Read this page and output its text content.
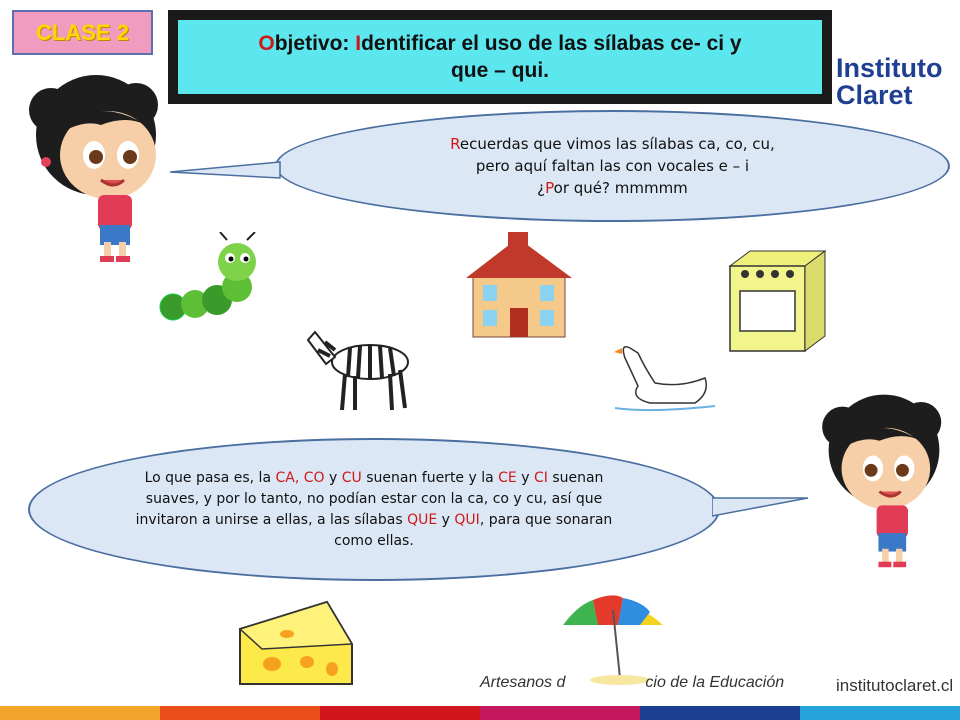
CLASE 2	Objetivo: Identificar el uso de las sílabas ce- ci y
que – qui.	Instituto
Claret
Recuerdas que vimos las sílabas ca, co, cu,
pero aquí faltan las con vocales e – i
¿Por qué? mmmmm
Lo que pasa es, la CA, CO y CU suenan fuerte y la CE y CI suenan suaves, y por lo tanto, no podían estar con la ca, co y cu, así que invitaron a unirse a ellas, a las sílabas QUE y QUI, para que sonaran como ellas.
Artesanos d	cio de la Educación	institutoclaret.cl
